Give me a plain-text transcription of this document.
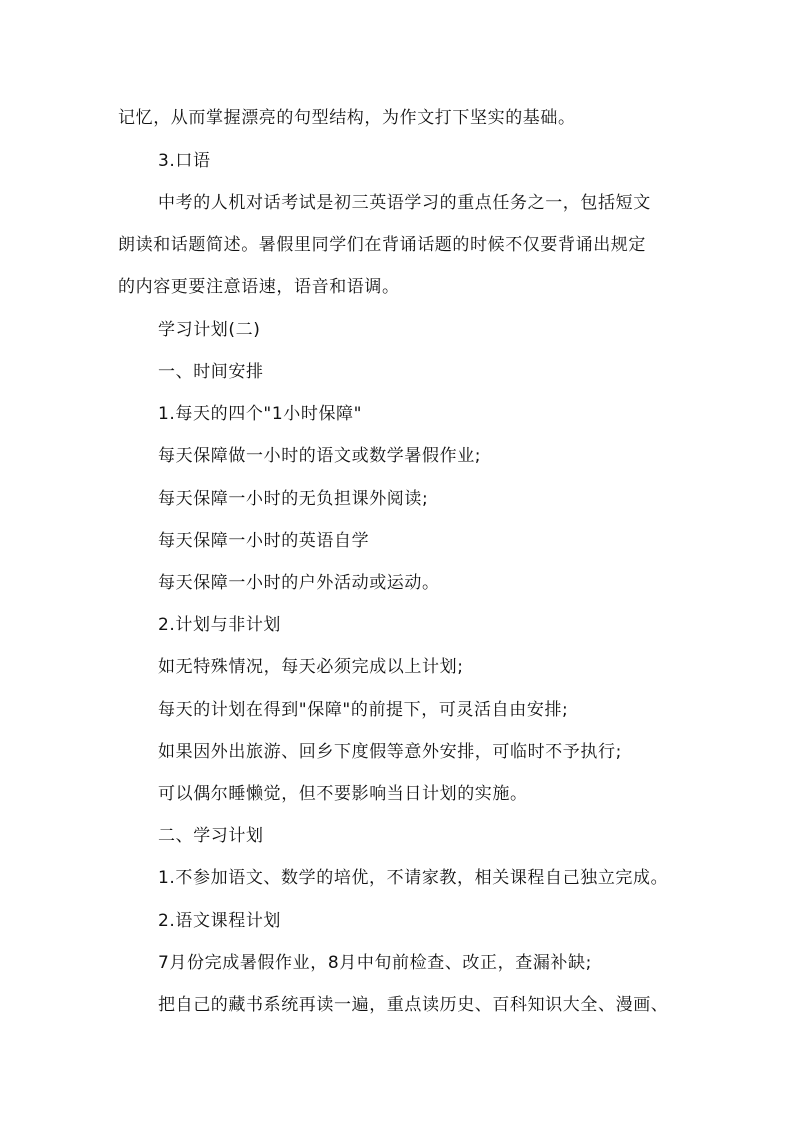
记忆，从而掌握漂亮的句型结构，为作文打下坚实的基础。
3.口语
中考的人机对话考试是初三英语学习的重点任务之一，包括短文
朗读和话题简述。暑假里同学们在背诵话题的时候不仅要背诵出规定
的内容更要注意语速，语音和语调。
学习计划(二)
一、时间安排
1.每天的四个"1小时保障"
每天保障做一小时的语文或数学暑假作业;
每天保障一小时的无负担课外阅读;
每天保障一小时的英语自学
每天保障一小时的户外活动或运动。
2.计划与非计划
如无特殊情况，每天必须完成以上计划;
每天的计划在得到"保障"的前提下，可灵活自由安排;
如果因外出旅游、回乡下度假等意外安排，可临时不予执行;
可以偶尔睡懒觉，但不要影响当日计划的实施。
二、学习计划
1.不参加语文、数学的培优，不请家教，相关课程自己独立完成。
2.语文课程计划
7月份完成暑假作业，8月中旬前检查、改正，查漏补缺;
把自己的藏书系统再读一遍，重点读历史、百科知识大全、漫画、
